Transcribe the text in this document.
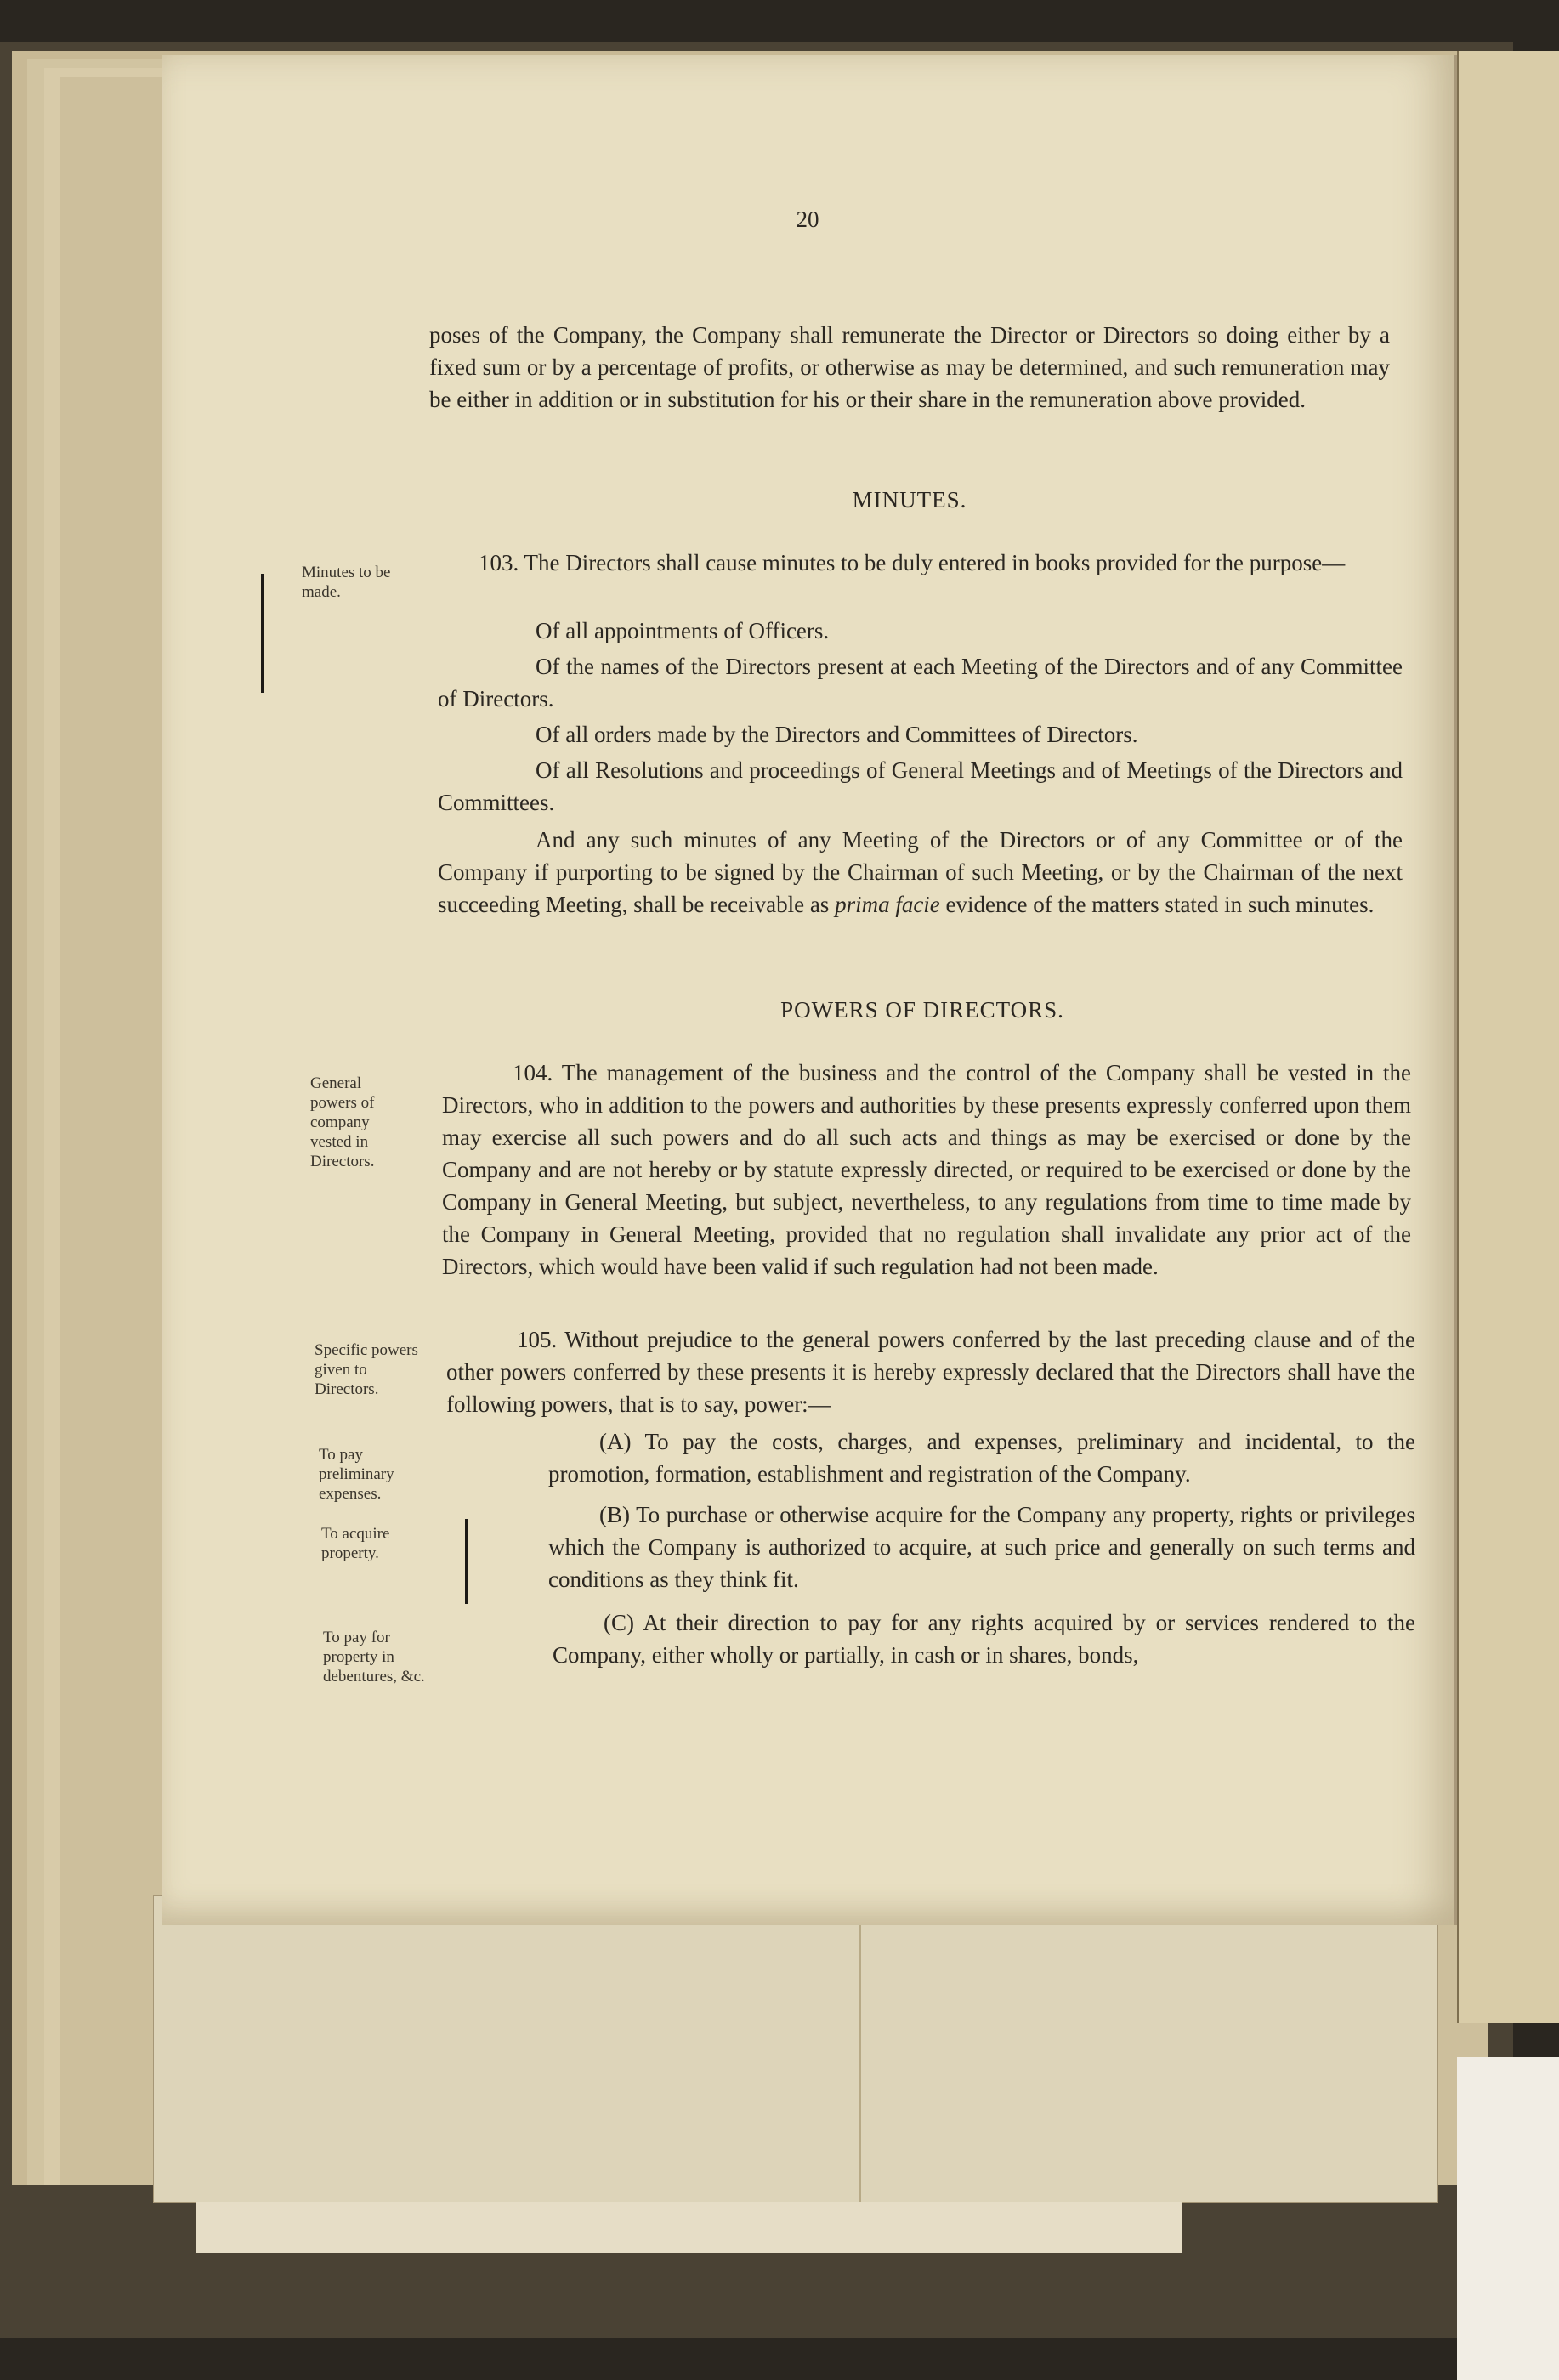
20

poses of the Company, the Company shall remunerate the Director or Directors so doing either by a fixed sum or by a percentage of profits, or otherwise as may be determined, and such remuneration may be either in addition or in substitution for his or their share in the remuneration above provided.

MINUTES.
Minutes to be made.

103. The Directors shall cause minutes to be duly entered in books provided for the purpose—

Of all appointments of Officers.

Of the names of the Directors present at each Meeting of the Directors and of any Committee of Directors.

Of all orders made by the Directors and Committees of Directors.

Of all Resolutions and proceedings of General Meetings and of Meetings of the Directors and Committees.

And any such minutes of any Meeting of the Directors or of any Committee or of the Company if purporting to be signed by the Chairman of such Meeting, or by the Chairman of the next succeeding Meeting, shall be receivable as prima facie evidence of the matters stated in such minutes.

POWERS OF DIRECTORS.
General powers of company vested in Directors.

104. The management of the business and the control of the Company shall be vested in the Directors, who in addition to the powers and authorities by these presents expressly conferred upon them may exercise all such powers and do all such acts and things as may be exercised or done by the Company and are not hereby or by statute expressly directed, or required to be exercised or done by the Company in General Meeting, but subject, nevertheless, to any regulations from time to time made by the Company in General Meeting, provided that no regulation shall invalidate any prior act of the Directors, which would have been valid if such regulation had not been made.

Specific powers given to Directors.

105. Without prejudice to the general powers conferred by the last preceding clause and of the other powers conferred by these presents it is hereby expressly declared that the Directors shall have the following powers, that is to say, power:—

To pay preliminary expenses.

(A) To pay the costs, charges, and expenses, preliminary and incidental, to the promotion, formation, establishment and registration of the Company.

To acquire property.

(B) To purchase or otherwise acquire for the Company any property, rights or privileges which the Company is authorized to acquire, at such price and generally on such terms and conditions as they think fit.

To pay for property in debentures, &c.

(C) At their direction to pay for any rights acquired by or services rendered to the Company, either wholly or partially, in cash or in shares, bonds,
